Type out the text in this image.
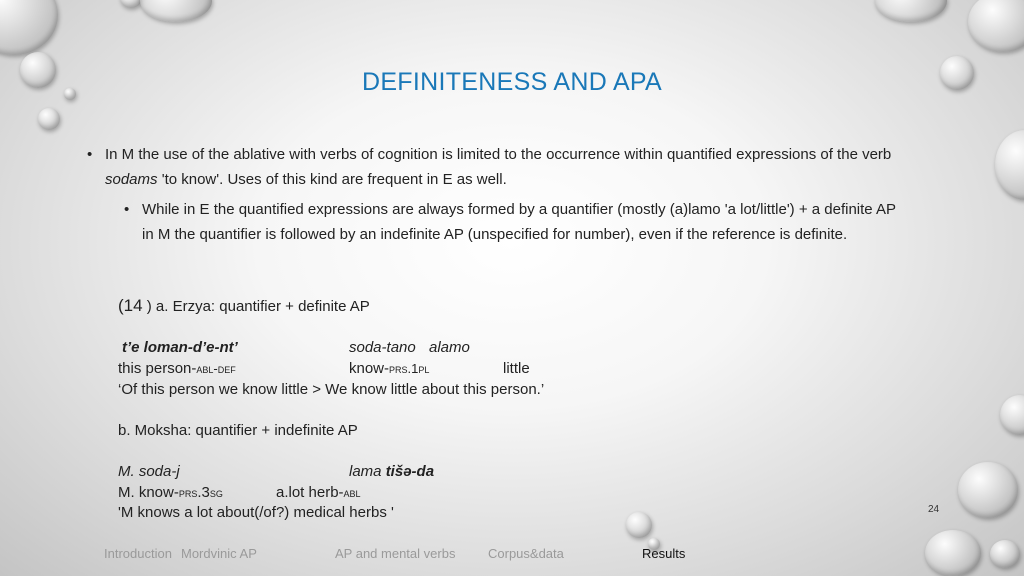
DEFINITENESS AND APA
• In M the use of the ablative with verbs of cognition is limited to the occurrence within quantified expressions of the verb
sodams 'to know'. Uses of this kind are frequent in E as well.
• While in E the quantified expressions are always formed by a quantifier (mostly (a)lamo 'a lot/little') + a definite AP
in M the quantifier is followed by an indefinite AP (unspecified for number), even if the reference is definite.
(14 ) a. Erzya: quantifier + definite AP
t’e loman-d’e-nt’	soda-tano alamo
this person-abl-def	know-prs.1pl	little
‘Of this person we know little > We know little about this person.’
b. Moksha: quantifier + indefinite AP
M. soda-j	lama tišə-da
M. know-prs.3sg	a.lot herb-abl
'M knows a lot about(/of?) medical herbs '	24
Introduction Mordvinic AP	AP and mental verbs	Corpus&data	Results
